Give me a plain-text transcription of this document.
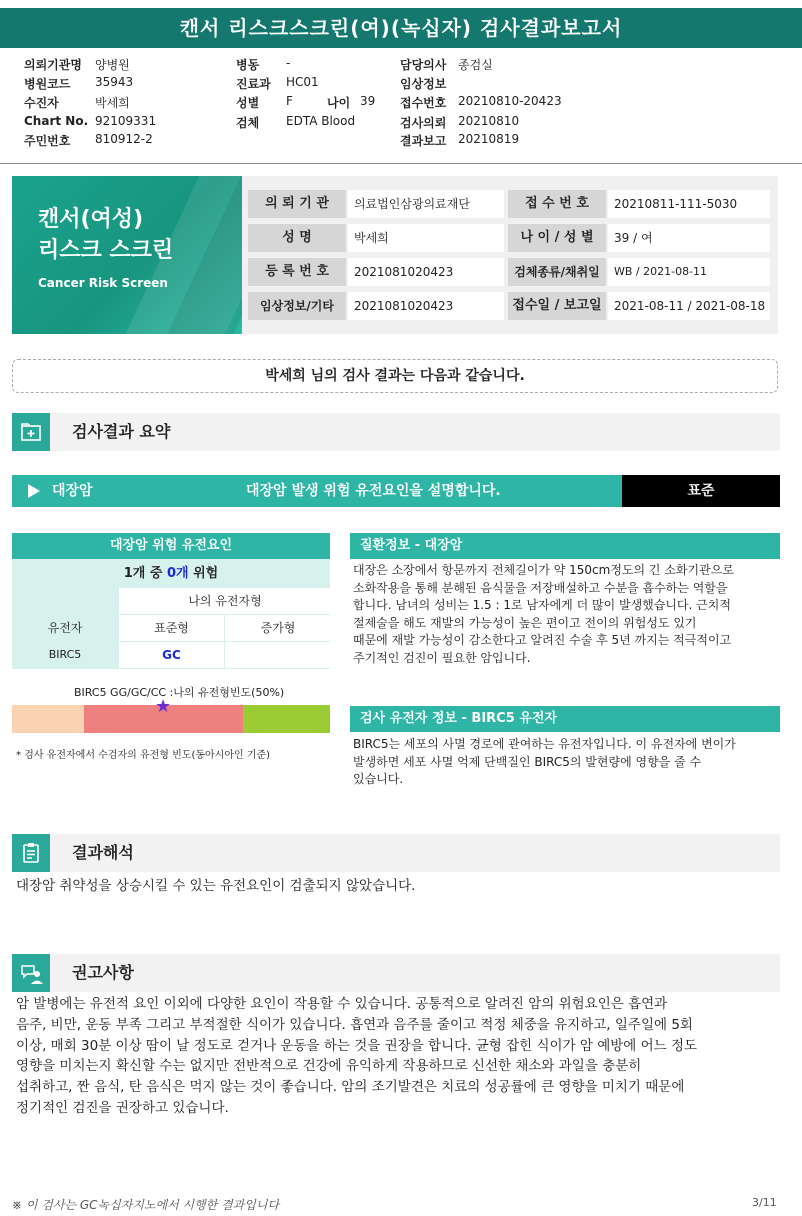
캔서 리스크스크린(여)(녹십자) 검사결과보고서
의뢰기관명 양병원
병원코드 35943
수진자	박세희
Chart No. 92109331
주민번호 810912-2
병동 -
진료과 HC01
성별 F	나이 39
검체 EDTA Blood
담당의사 종검실
임상정보
접수번호 20210810-20423
검사의뢰 20210810
결과보고 20210819
캔서(여성)
리스크 스크린
Cancer Risk Screen
의 뢰 기 관	의료법인삼광의료재단	접 수 번 호	20210811-111-5030
성 명	박세희	나 이 / 성 별	39 / 여
등 록 번 호	2021081020423	검체종류/채취일	WB / 2021-08-11
임상정보/기타	2021081020423	접수일 / 보고일	2021-08-11 / 2021-08-18
박세희 님의 검사 결과는 다음과 같습니다.
검사결과 요약
대장암	대장암 발생 위험 유전요인을 설명합니다.	표준
대장암 위험 유전요인
1개 중 0개 위험
나의 유전자형
유전자	표준형	증가형
BIRC5	GC
BIRC5 GG/GC/CC :나의 유전형빈도(50%)
★
* 검사 유전자에서 수검자의 유전형 빈도(동아시아인 기준)
질환정보 - 대장암
대장은 소장에서 항문까지 전체길이가 약 150cm정도의 긴 소화기관으로
소화작용을 통해 분해된 음식물을 저장배설하고 수분을 흡수하는 역할을
합니다. 남녀의 성비는 1.5 : 1로 남자에게 더 많이 발생했습니다. 근치적
절제술을 해도 재발의 가능성이 높은 편이고 전이의 위험성도 있기
때문에 재발 가능성이 감소한다고 알려진 수술 후 5년 까지는 적극적이고
주기적인 검진이 필요한 암입니다.
검사 유전자 정보 - BIRC5 유전자
BIRC5는 세포의 사멸 경로에 관여하는 유전자입니다. 이 유전자에 변이가
발생하면 세포 사멸 억제 단백질인 BIRC5의 발현량에 영향을 줄 수
있습니다.
결과해석
대장암 취약성을 상승시킬 수 있는 유전요인이 검출되지 않았습니다.
권고사항
암 발병에는 유전적 요인 이외에 다양한 요인이 작용할 수 있습니다. 공통적으로 알려진 암의 위험요인은 흡연과
음주, 비만, 운동 부족 그리고 부적절한 식이가 있습니다. 흡연과 음주를 줄이고 적정 체중을 유지하고, 일주일에 5회
이상, 매회 30분 이상 땀이 날 정도로 걷거나 운동을 하는 것을 권장을 합니다. 균형 잡힌 식이가 암 예방에 어느 정도
영향을 미치는지 확신할 수는 없지만 전반적으로 건강에 유익하게 작용하므로 신선한 채소와 과일을 충분히
섭취하고, 짠 음식, 탄 음식은 먹지 않는 것이 좋습니다. 암의 조기발견은 치료의 성공률에 큰 영향을 미치기 때문에
정기적인 검진을 권장하고 있습니다.
※ 이 검사는 GC녹십자지노에서 시행한 결과입니다	3/11
